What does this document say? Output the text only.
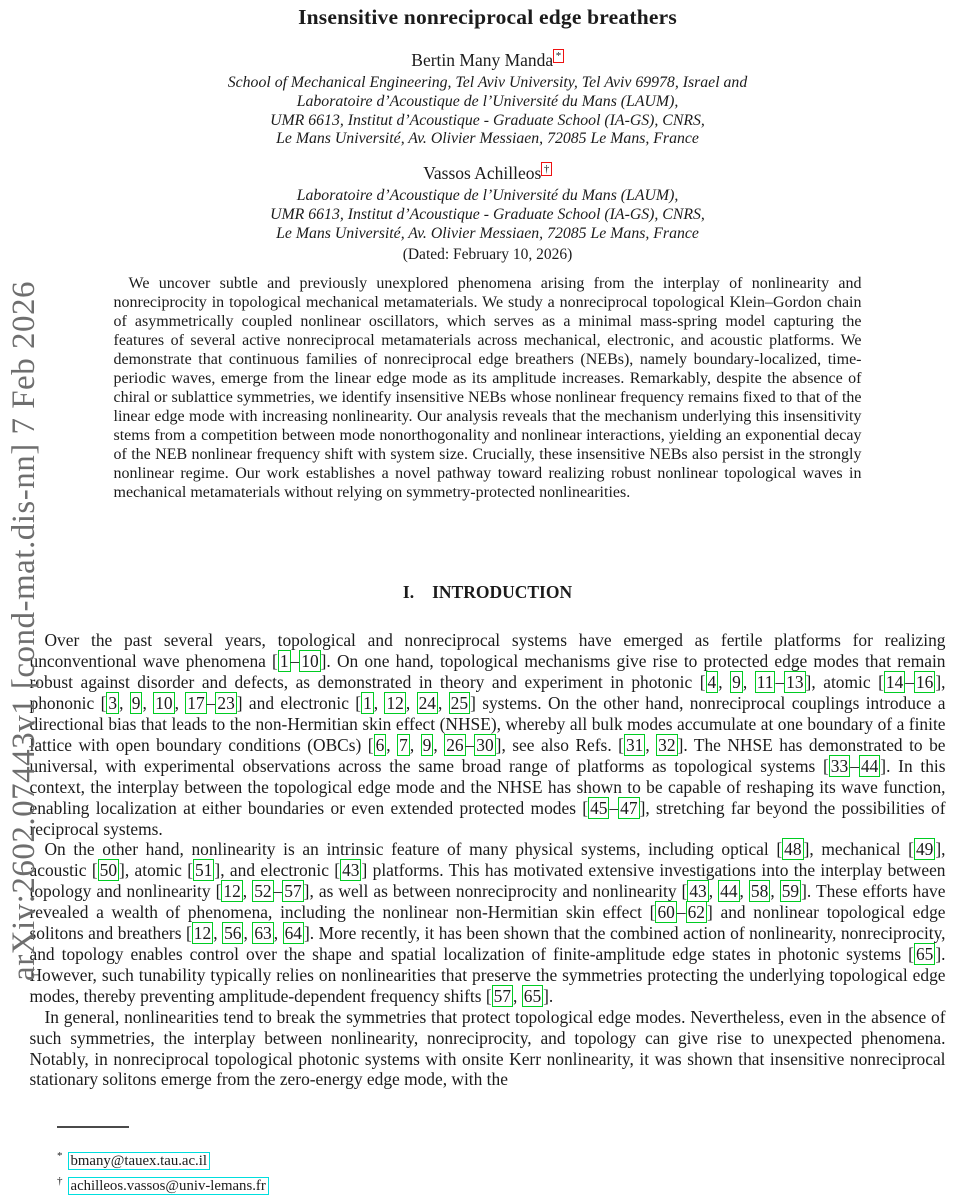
arXiv:2602.07443v1 [cond-mat.dis-nn] 7 Feb 2026
Insensitive nonreciprocal edge breathers
Bertin Many Manda *
School of Mechanical Engineering, Tel Aviv University, Tel Aviv 69978, Israel and
Laboratoire d’Acoustique de l’Université du Mans (LAUM),
UMR 6613, Institut d’Acoustique - Graduate School (IA-GS), CNRS,
Le Mans Université, Av. Olivier Messiaen, 72085 Le Mans, France
Vassos Achilleos †
Laboratoire d’Acoustique de l’Université du Mans (LAUM),
UMR 6613, Institut d’Acoustique - Graduate School (IA-GS), CNRS,
Le Mans Université, Av. Olivier Messiaen, 72085 Le Mans, France
(Dated: February 10, 2026)

We uncover subtle and previously unexplored phenomena arising from the interplay of nonlinearity and nonreciprocity in topological mechanical metamaterials. We study a nonreciprocal topological Klein–Gordon chain of asymmetrically coupled nonlinear oscillators, which serves as a minimal mass-spring model capturing the features of several active nonreciprocal metamaterials across mechanical, electronic, and acoustic platforms. We demonstrate that continuous families of nonreciprocal edge breathers (NEBs), namely boundary-localized, time-periodic waves, emerge from the linear edge mode as its amplitude increases. Remarkably, despite the absence of chiral or sublattice symmetries, we identify insensitive NEBs whose nonlinear frequency remains fixed to that of the linear edge mode with increasing nonlinearity. Our analysis reveals that the mechanism underlying this insensitivity stems from a competition between mode nonorthogonality and nonlinear interactions, yielding an exponential decay of the NEB nonlinear frequency shift with system size. Crucially, these insensitive NEBs also persist in the strongly nonlinear regime. Our work establishes a novel pathway toward realizing robust nonlinear topological waves in mechanical metamaterials without relying on symmetry-protected nonlinearities.

I. INTRODUCTION

Over the past several years, topological and nonreciprocal systems have emerged as fertile platforms for realizing unconventional wave phenomena [ 1 – 10 ]. On one hand, topological mechanisms give rise to protected edge modes that remain robust against disorder and defects, as demonstrated in theory and experiment in photonic [ 4 , 9 , 11 – 13 ], atomic [ 14 – 16 ], phononic [ 3 , 9 , 10 , 17 – 23 ] and electronic [ 1 , 12 , 24 , 25 ] systems. On the other hand, nonreciprocal couplings introduce a directional bias that leads to the non-Hermitian skin effect (NHSE), whereby all bulk modes accumulate at one boundary of a finite lattice with open boundary conditions (OBCs) [ 6 , 7 , 9 , 26 – 30 ], see also Refs. [ 31 , 32 ]. The NHSE has demonstrated to be universal, with experimental observations across the same broad range of platforms as topological systems [ 33 – 44 ]. In this context, the interplay between the topological edge mode and the NHSE has shown to be capable of reshaping its wave function, enabling localization at either boundaries or even extended protected modes [ 45 – 47 ], stretching far beyond the possibilities of reciprocal systems.

On the other hand, nonlinearity is an intrinsic feature of many physical systems, including optical [ 48 ], mechanical [ 49 ], acoustic [ 50 ], atomic [ 51 ], and electronic [ 43 ] platforms. This has motivated extensive investigations into the interplay between topology and nonlinearity [ 12 , 52 – 57 ], as well as between nonreciprocity and nonlinearity [ 43 , 44 , 58 , 59 ]. These efforts have revealed a wealth of phenomena, including the nonlinear non-Hermitian skin effect [ 60 – 62 ] and nonlinear topological edge solitons and breathers [ 12 , 56 , 63 , 64 ]. More recently, it has been shown that the combined action of nonlinearity, nonreciprocity, and topology enables control over the shape and spatial localization of finite-amplitude edge states in photonic systems [ 65 ]. However, such tunability typically relies on nonlinearities that preserve the symmetries protecting the underlying topological edge modes, thereby preventing amplitude-dependent frequency shifts [ 57 , 65 ].

In general, nonlinearities tend to break the symmetries that protect topological edge modes. Nevertheless, even in the absence of such symmetries, the interplay between nonlinearity, nonreciprocity, and topology can give rise to unexpected phenomena. Notably, in nonreciprocal topological photonic systems with onsite Kerr nonlinearity, it was shown that insensitive nonreciprocal stationary solitons emerge from the zero-energy edge mode, with the

* bmany@tauex.tau.ac.il
† achilleos.vassos@univ-lemans.fr
